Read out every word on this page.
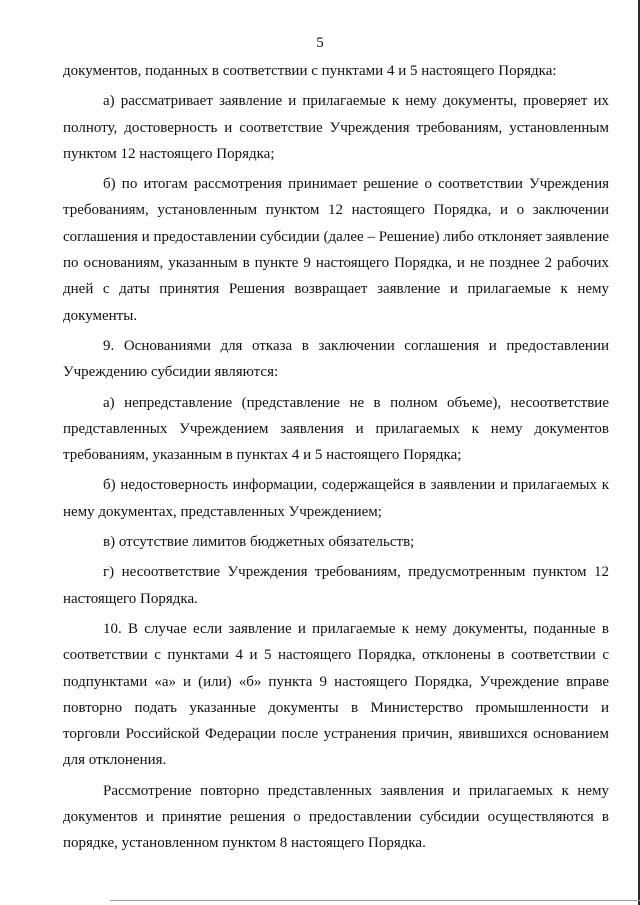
5

документов, поданных в соответствии с пунктами 4 и 5 настоящего Порядка:

а) рассматривает заявление и прилагаемые к нему документы, проверяет их полноту, достоверность и соответствие Учреждения требованиям, установленным пунктом 12 настоящего Порядка;

б) по итогам рассмотрения принимает решение о соответствии Учреждения требованиям, установленным пунктом 12 настоящего Порядка, и о заключении соглашения и предоставлении субсидии (далее – Решение) либо отклоняет заявление по основаниям, указанным в пункте 9 настоящего Порядка, и не позднее 2 рабочих дней с даты принятия Решения возвращает заявление и прилагаемые к нему документы.

9. Основаниями для отказа в заключении соглашения и предоставлении Учреждению субсидии являются:

а) непредставление (представление не в полном объеме), несоответствие представленных Учреждением заявления и прилагаемых к нему документов требованиям, указанным в пунктах 4 и 5 настоящего Порядка;

б) недостоверность информации, содержащейся в заявлении и прилагаемых к нему документах, представленных Учреждением;

в) отсутствие лимитов бюджетных обязательств;

г) несоответствие Учреждения требованиям, предусмотренным пунктом 12 настоящего Порядка.

10. В случае если заявление и прилагаемые к нему документы, поданные в соответствии с пунктами 4 и 5 настоящего Порядка, отклонены в соответствии с подпунктами «а» и (или) «б» пункта 9 настоящего Порядка, Учреждение вправе повторно подать указанные документы в Министерство промышленности и торговли Российской Федерации после устранения причин, явившихся основанием для отклонения.

Рассмотрение повторно представленных заявления и прилагаемых к нему документов и принятие решения о предоставлении субсидии осуществляются в порядке, установленном пунктом 8 настоящего Порядка.
